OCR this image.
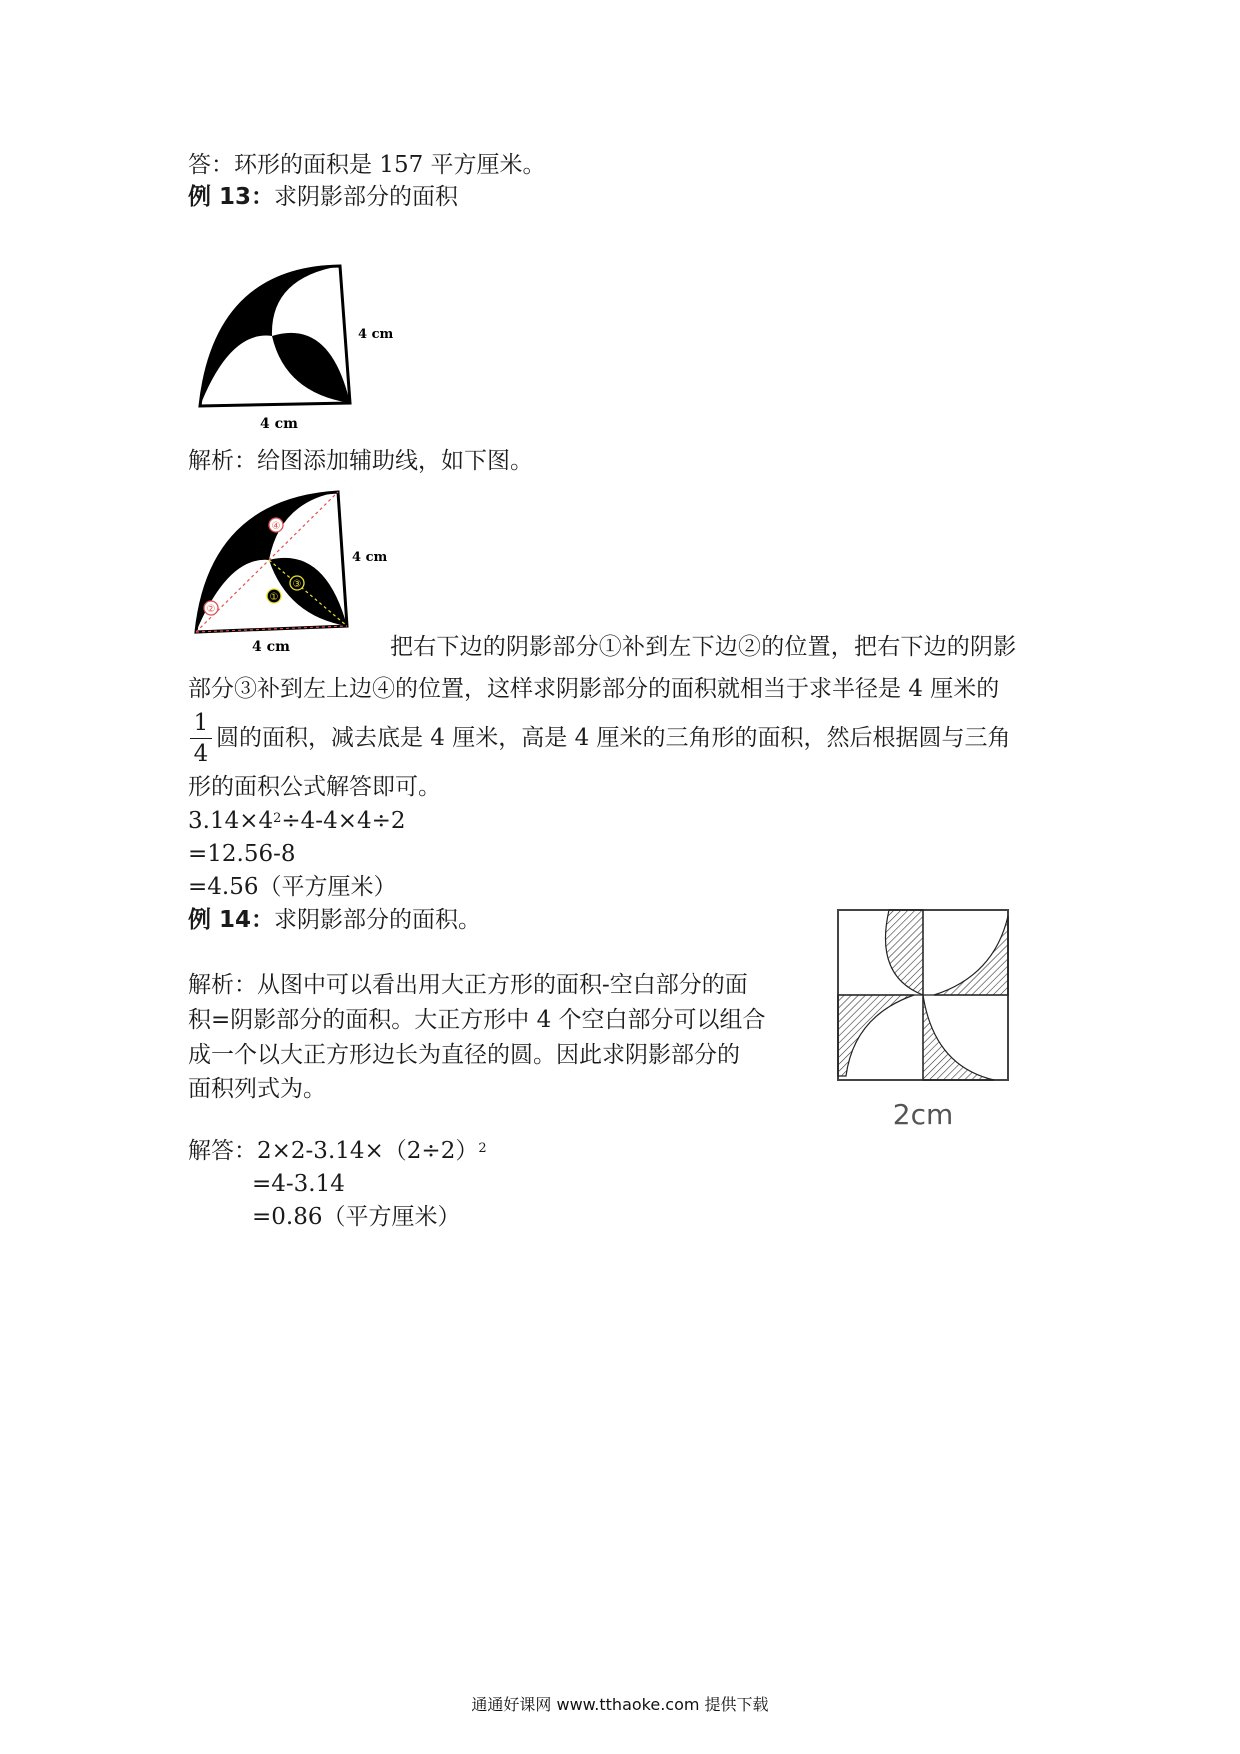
答：环形的面积是 157 平方厘米。
例 13：求阴影部分的面积
4 cm
4 cm
解析：给图添加辅助线，如下图。
④
②
③
①
4 cm
4 cm	把右下边的阴影部分①补到左下边②的位置，把右下边的阴影
部分③补到左上边④的位置，这样求阴影部分的面积就相当于求半径是 4 厘米的
1
4
圆的面积，减去底是 4 厘米，高是 4 厘米的三角形的面积，然后根据圆与三角
形的面积公式解答即可。
$3.14\times 4^2\div 4-4\times 4\div 2$
=12.56-8
=4.56（平方厘米）
例 14：求阴影部分的面积。
解析：从图中可以看出用大正方形的面积-空白部分的面
积=阴影部分的面积。大正方形中 4 个空白部分可以组合
成一个以大正方形边长为直径的圆。因此求阴影部分的
面积列式为。
2cm
解答：$2\times 2-3.14\times(2\div 2)^2$
=4-3.14
=0.86（平方厘米）
通通好课网 www.tthaoke.com 提供下载
